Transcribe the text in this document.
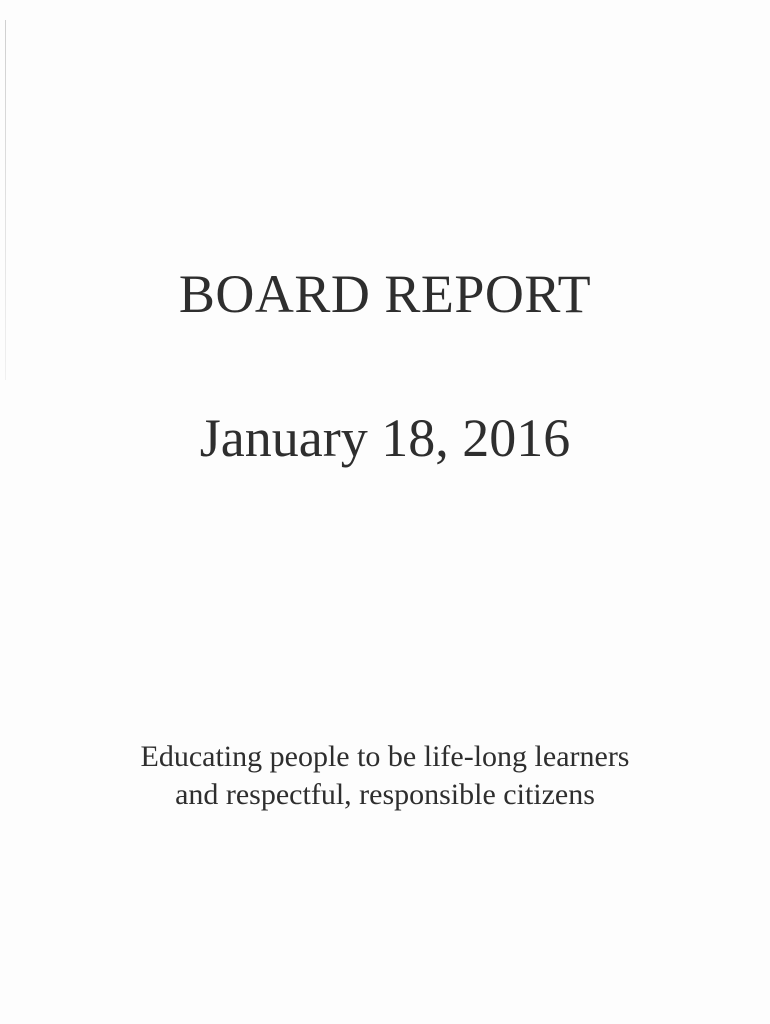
BOARD REPORT
January 18, 2016
Educating people to be life-long learners
and respectful, responsible citizens
